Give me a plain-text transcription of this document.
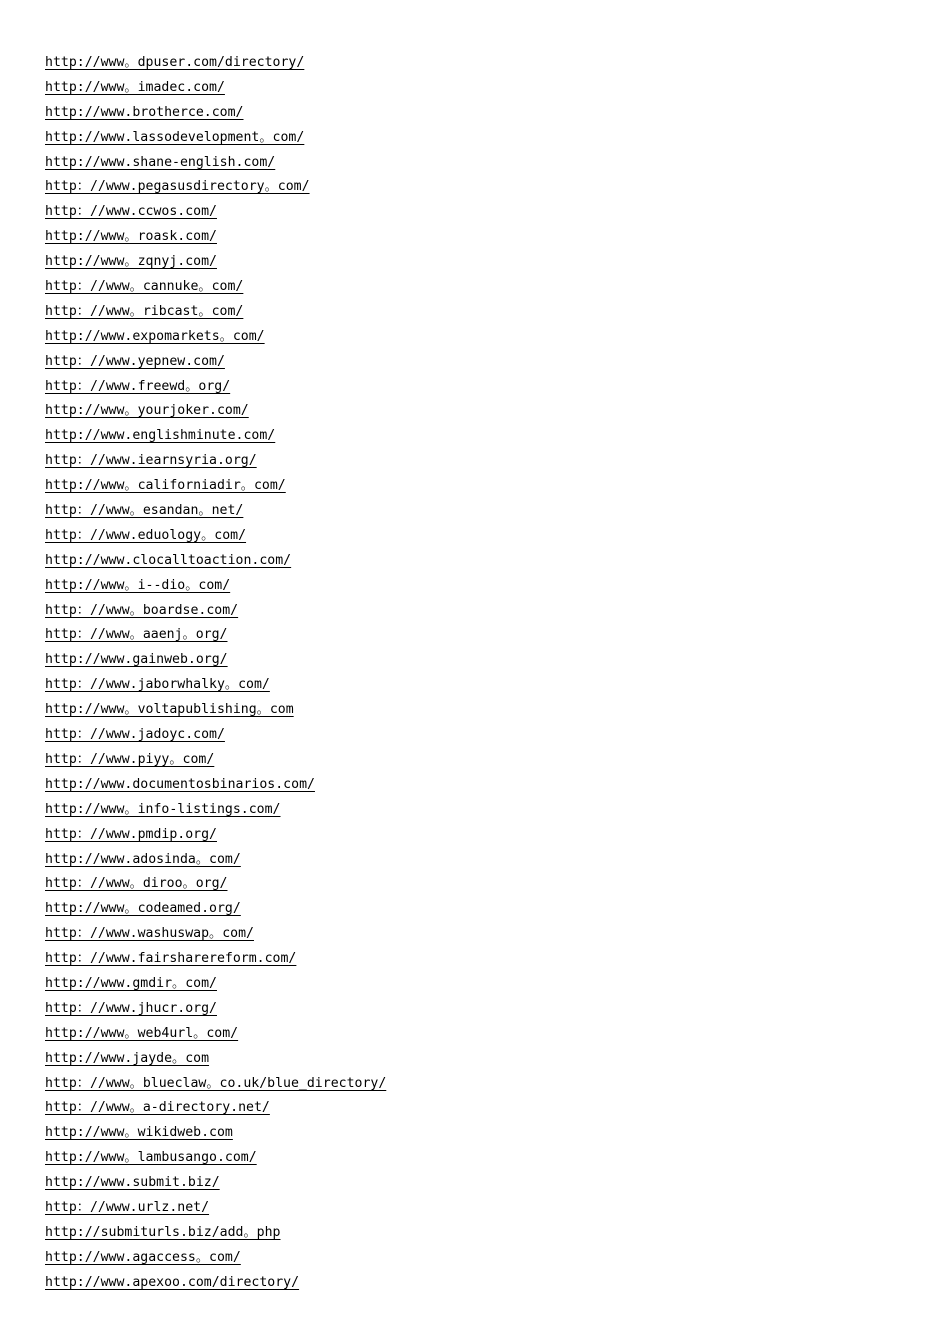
http://www。dpuser.com/directory/
http://www。imadec.com/
http://www.brotherce.com/
http://www.lassodevelopment。com/
http://www.shane-english.com/
http：//www.pegasusdirectory。com/
http：//www.ccwos.com/
http://www。roask.com/
http://www。zqnyj.com/
http：//www。cannuke。com/
http：//www。ribcast。com/
http://www.expomarkets。com/
http：//www.yepnew.com/
http：//www.freewd。org/
http://www。yourjoker.com/
http://www.englishminute.com/
http：//www.iearnsyria.org/
http://www。californiadir。com/
http：//www。esandan。net/
http：//www.eduology。com/
http://www.clocalltoaction.com/
http://www。i--dio。com/
http：//www。boardse.com/
http：//www。aaenj。org/
http://www.gainweb.org/
http：//www.jaborwhalky。com/
http://www。voltapublishing。com
http：//www.jadoyc.com/
http：//www.piyy。com/
http://www.documentosbinarios.com/
http://www。info-listings.com/
http：//www.pmdip.org/
http://www.adosinda。com/
http：//www。diroo。org/
http://www。codeamed.org/
http：//www.washuswap。com/
http：//www.fairsharereform.com/
http://www.gmdir。com/
http：//www.jhucr.org/
http://www。web4url。com/
http://www.jayde。com
http：//www。blueclaw。co.uk/blue_directory/
http：//www。a-directory.net/
http://www。wikidweb.com
http://www。lambusango.com/
http://www.submit.biz/
http：//www.urlz.net/
http://submiturls.biz/add。php
http://www.agaccess。com/
http://www.apexoo.com/directory/
